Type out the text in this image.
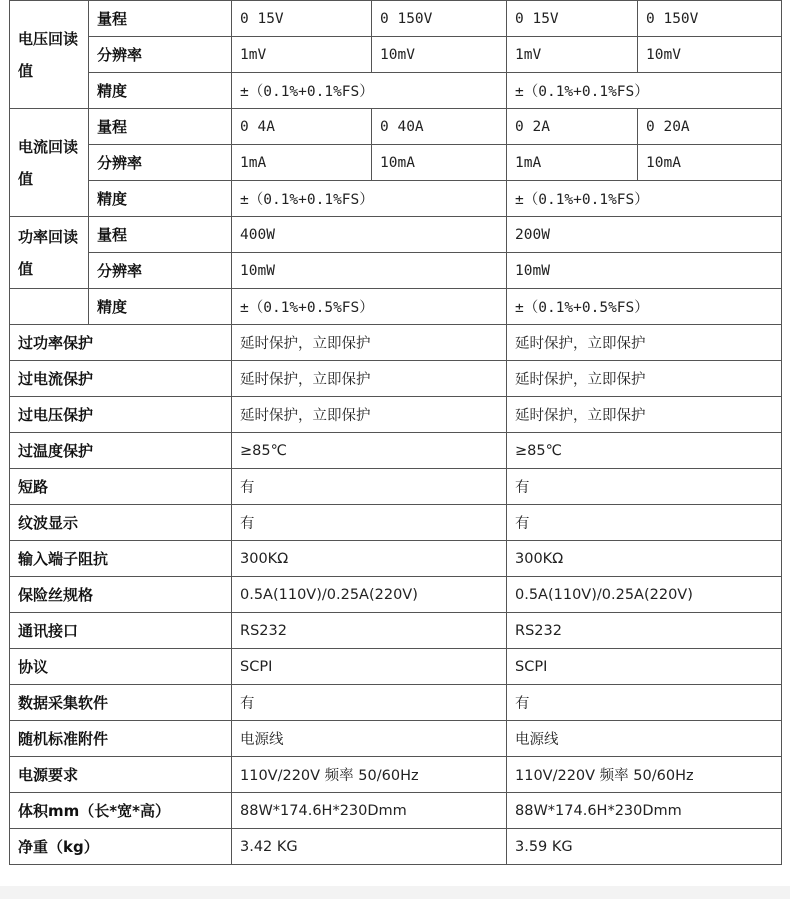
电压回读值	量程	0 15V	0 150V	0 15V	0 150V
	分辨率	1mV	10mV	1mV	10mV
	精度	±（0.1%+0.1%FS）		±（0.1%+0.1%FS）	

电流回读值	量程	0 4A	0 40A	0 2A	0 20A
	分辨率	1mA	10mA	1mA	10mA
	精度	±（0.1%+0.1%FS）		±（0.1%+0.1%FS）	

功率回读值	量程	400W		200W	
	分辨率	10mW		10mW	
	精度	±（0.1%+0.5%FS）		±（0.1%+0.5%FS）	
过功率保护		延时保护，立即保护		延时保护，立即保护	
过电流保护		延时保护，立即保护		延时保护，立即保护	
过电压保护		延时保护，立即保护		延时保护，立即保护	
过温度保护		≥85℃		≥85℃	
短路		有		有	
纹波显示		有		有	
输入端子阻抗		300KΩ		300KΩ	
保险丝规格		0.5A(110V)/0.25A(220V)		0.5A(110V)/0.25A(220V)	
通讯接口		RS232		RS232	
协议		SCPI		SCPI	
数据采集软件		有		有	
随机标准附件		电源线		电源线	
电源要求		110V/220V 频率 50/60Hz		110V/220V 频率 50/60Hz	
体积mm（长*宽*高）		88W*174.6H*230Dmm		88W*174.6H*230Dmm	
净重（kg）		3.42 KG		3.59 KG	
